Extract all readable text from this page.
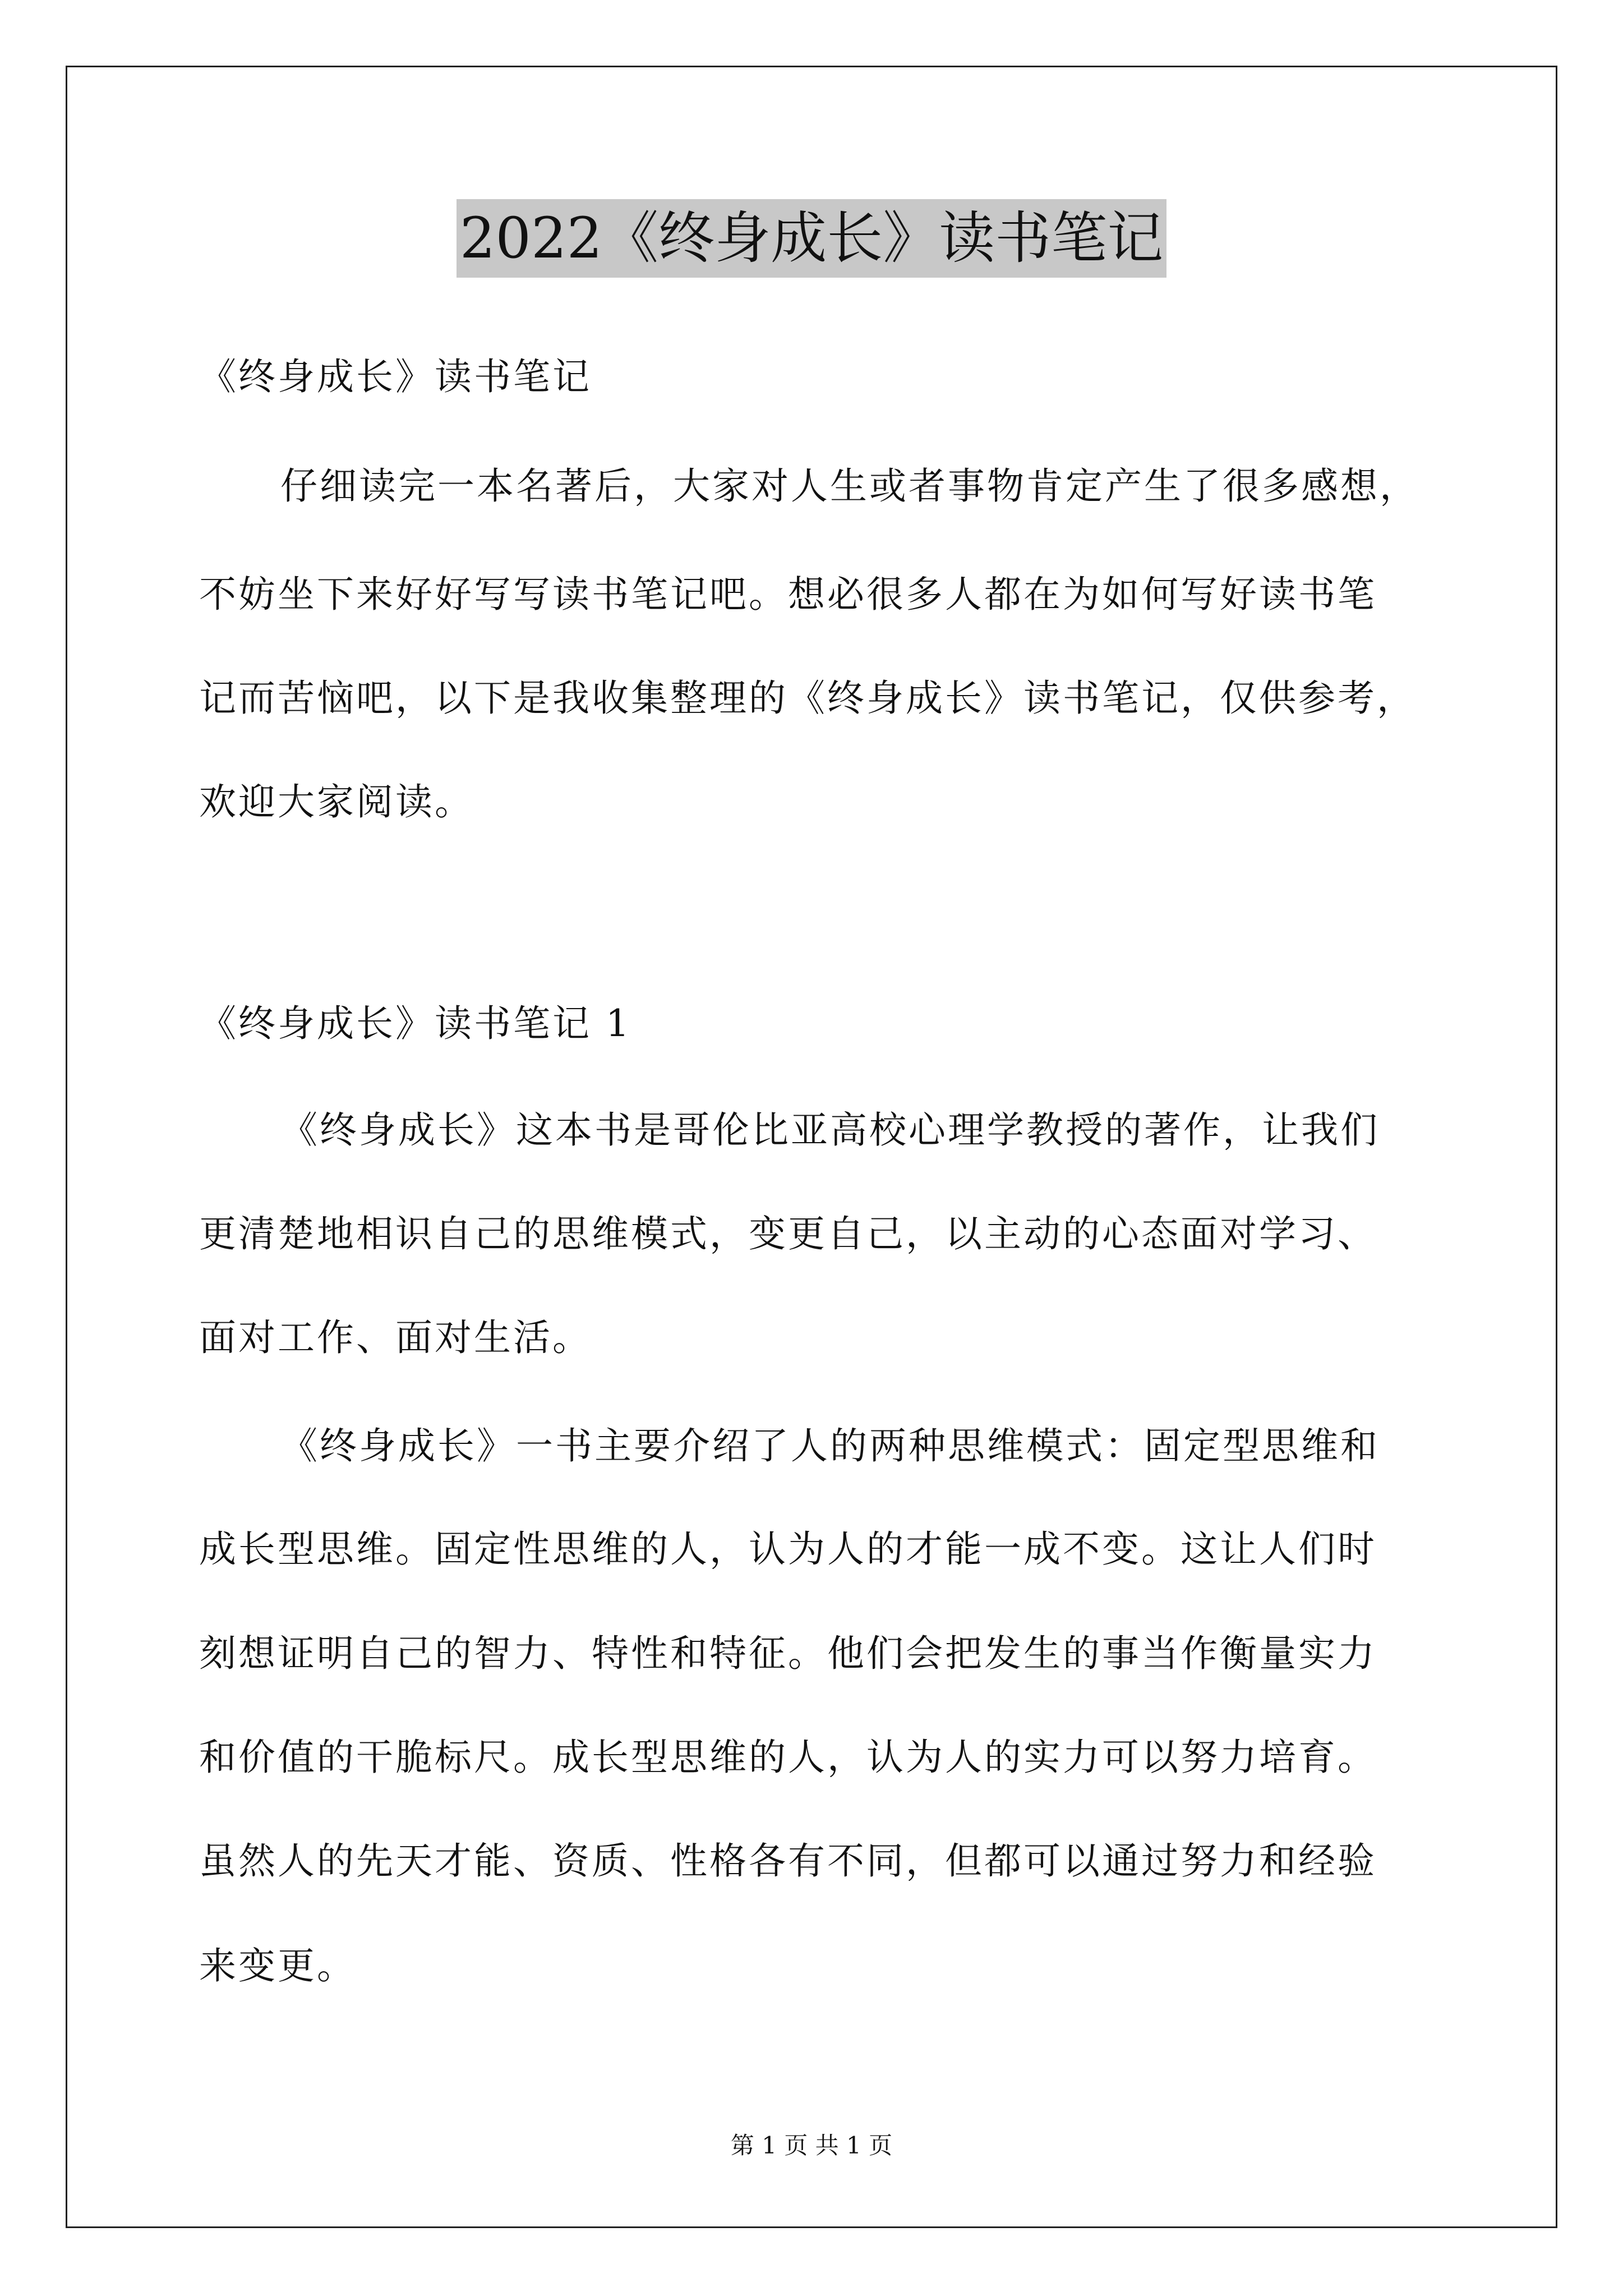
2022《终身成长》读书笔记
《终身成长》读书笔记
仔细读完一本名著后，大家对人生或者事物肯定产生了很多感想，
不妨坐下来好好写写读书笔记吧。想必很多人都在为如何写好读书笔
记而苦恼吧，以下是我收集整理的《终身成长》读书笔记，仅供参考，
欢迎大家阅读。
《终身成长》读书笔记 1
《终身成长》这本书是哥伦比亚高校心理学教授的著作，让我们
更清楚地相识自己的思维模式，变更自己，以主动的心态面对学习、
面对工作、面对生活。
《终身成长》一书主要介绍了人的两种思维模式：固定型思维和
成长型思维。固定性思维的人，认为人的才能一成不变。这让人们时
刻想证明自己的智力、特性和特征。他们会把发生的事当作衡量实力
和价值的干脆标尺。成长型思维的人，认为人的实力可以努力培育。
虽然人的先天才能、资质、性格各有不同，但都可以通过努力和经验
来变更。
第 1 页 共 1 页
